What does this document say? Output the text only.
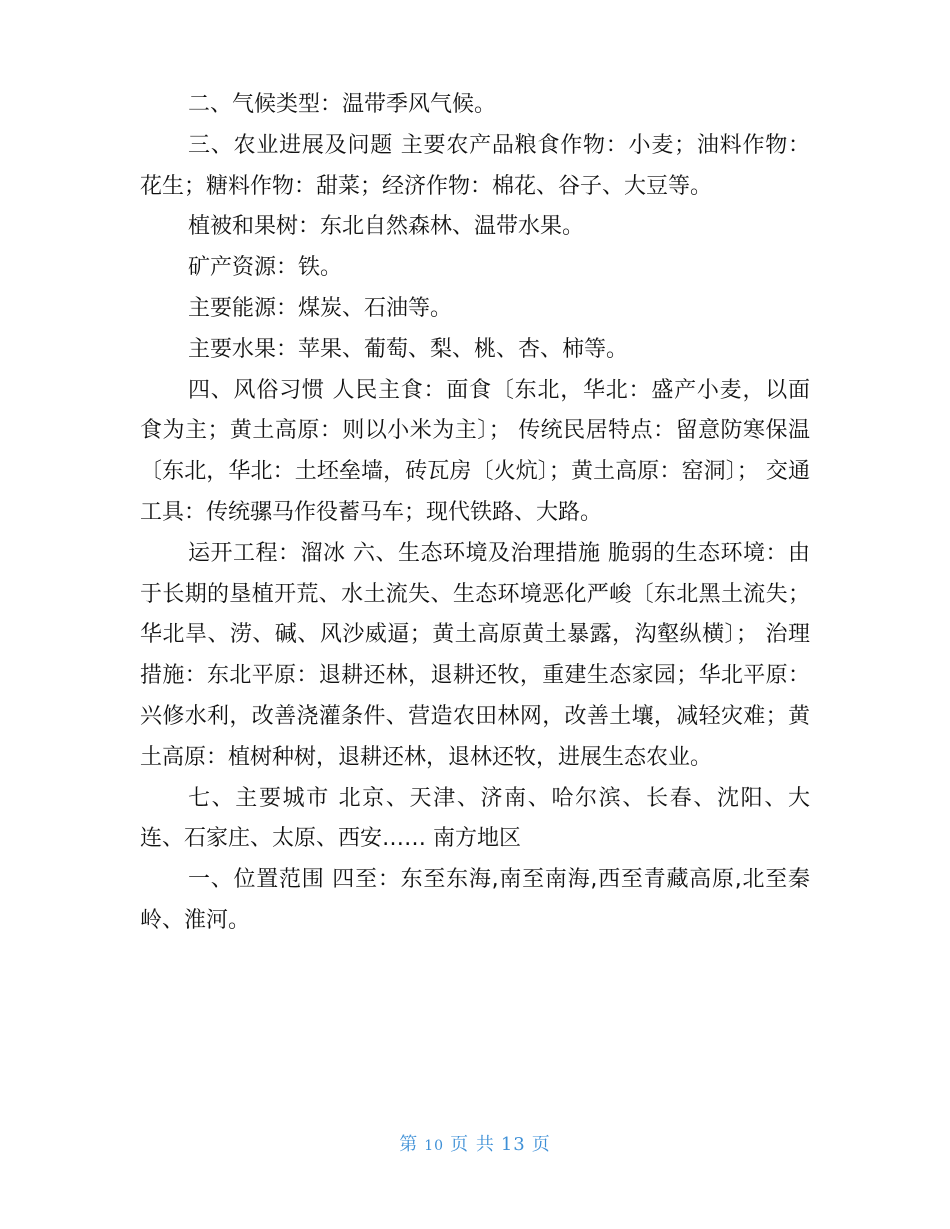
二、气候类型：温带季风气候。

三、农业进展及问题 主要农产品粮食作物：小麦；油料作物：花生；糖料作物：甜菜；经济作物：棉花、谷子、大豆等。

植被和果树：东北自然森林、温带水果。

矿产资源：铁。

主要能源：煤炭、石油等。

主要水果：苹果、葡萄、梨、桃、杏、柿等。

四、风俗习惯 人民主食：面食〔东北，华北：盛产小麦，以面食为主；黄土高原：则以小米为主〕； 传统民居特点：留意防寒保温〔东北，华北：土坯垒墙，砖瓦房〔火炕〕；黄土高原：窑洞〕； 交通工具：传统骡马作役蓄马车；现代铁路、大路。

运开工程：溜冰 六、生态环境及治理措施 脆弱的生态环境：由于长期的垦植开荒、水土流失、生态环境恶化严峻〔东北黑土流失；华北旱、涝、碱、风沙威逼；黄土高原黄土暴露，沟壑纵横〕； 治理措施：东北平原：退耕还林，退耕还牧，重建生态家园；华北平原：兴修水利，改善浇灌条件、营造农田林网，改善土壤，减轻灾难；黄土高原：植树种树，退耕还林，退林还牧，进展生态农业。

七、主要城市 北京、天津、济南、哈尔滨、长春、沈阳、大连、石家庄、太原、西安…… 南方地区

一、位置范围 四至：东至东海,南至南海,西至青藏高原,北至秦岭、淮河。

第 10 页 共 13 页
